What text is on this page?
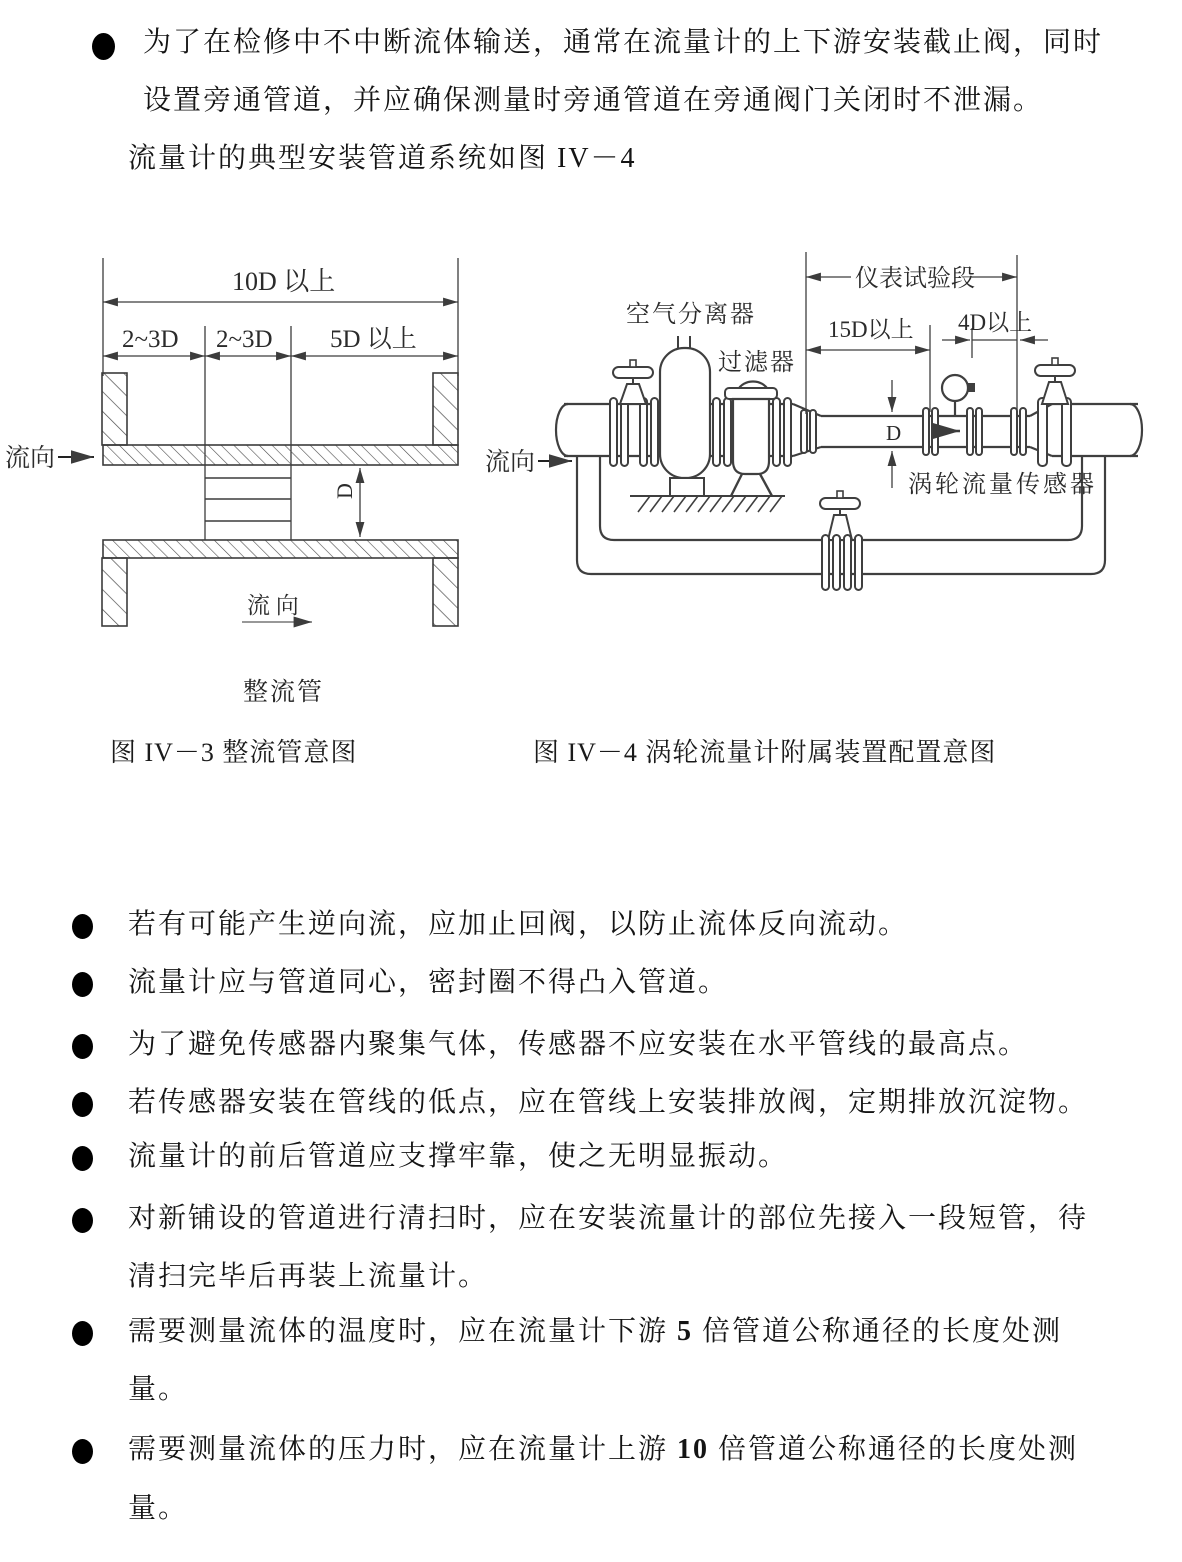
为了在检修中不中断流体输送，通常在流量计的上下游安装截止阀，同时
设置旁通管道，并应确保测量时旁通管道在旁通阀门关闭时不泄漏。
流量计的典型安装管道系统如图 IV－4
D
10D 以上
2~3D 2~3D 5D 以上
流向
流 向
仪表试验段
15D以上 4D以上
空气分离器
过滤器
D
涡轮流量传感器
流向
整流管
图 IV－3 整流管意图	图 IV－4 涡轮流量计附属装置配置意图
若有可能产生逆向流，应加止回阀，以防止流体反向流动。
流量计应与管道同心，密封圈不得凸入管道。
为了避免传感器内聚集气体，传感器不应安装在水平管线的最高点。
若传感器安装在管线的低点，应在管线上安装排放阀，定期排放沉淀物。
流量计的前后管道应支撑牢靠，使之无明显振动。
对新铺设的管道进行清扫时，应在安装流量计的部位先接入一段短管，待
清扫完毕后再装上流量计。
需要测量流体的温度时，应在流量计下游 5 倍管道公称通径的长度处测
量。
需要测量流体的压力时，应在流量计上游 10 倍管道公称通径的长度处测
量。
